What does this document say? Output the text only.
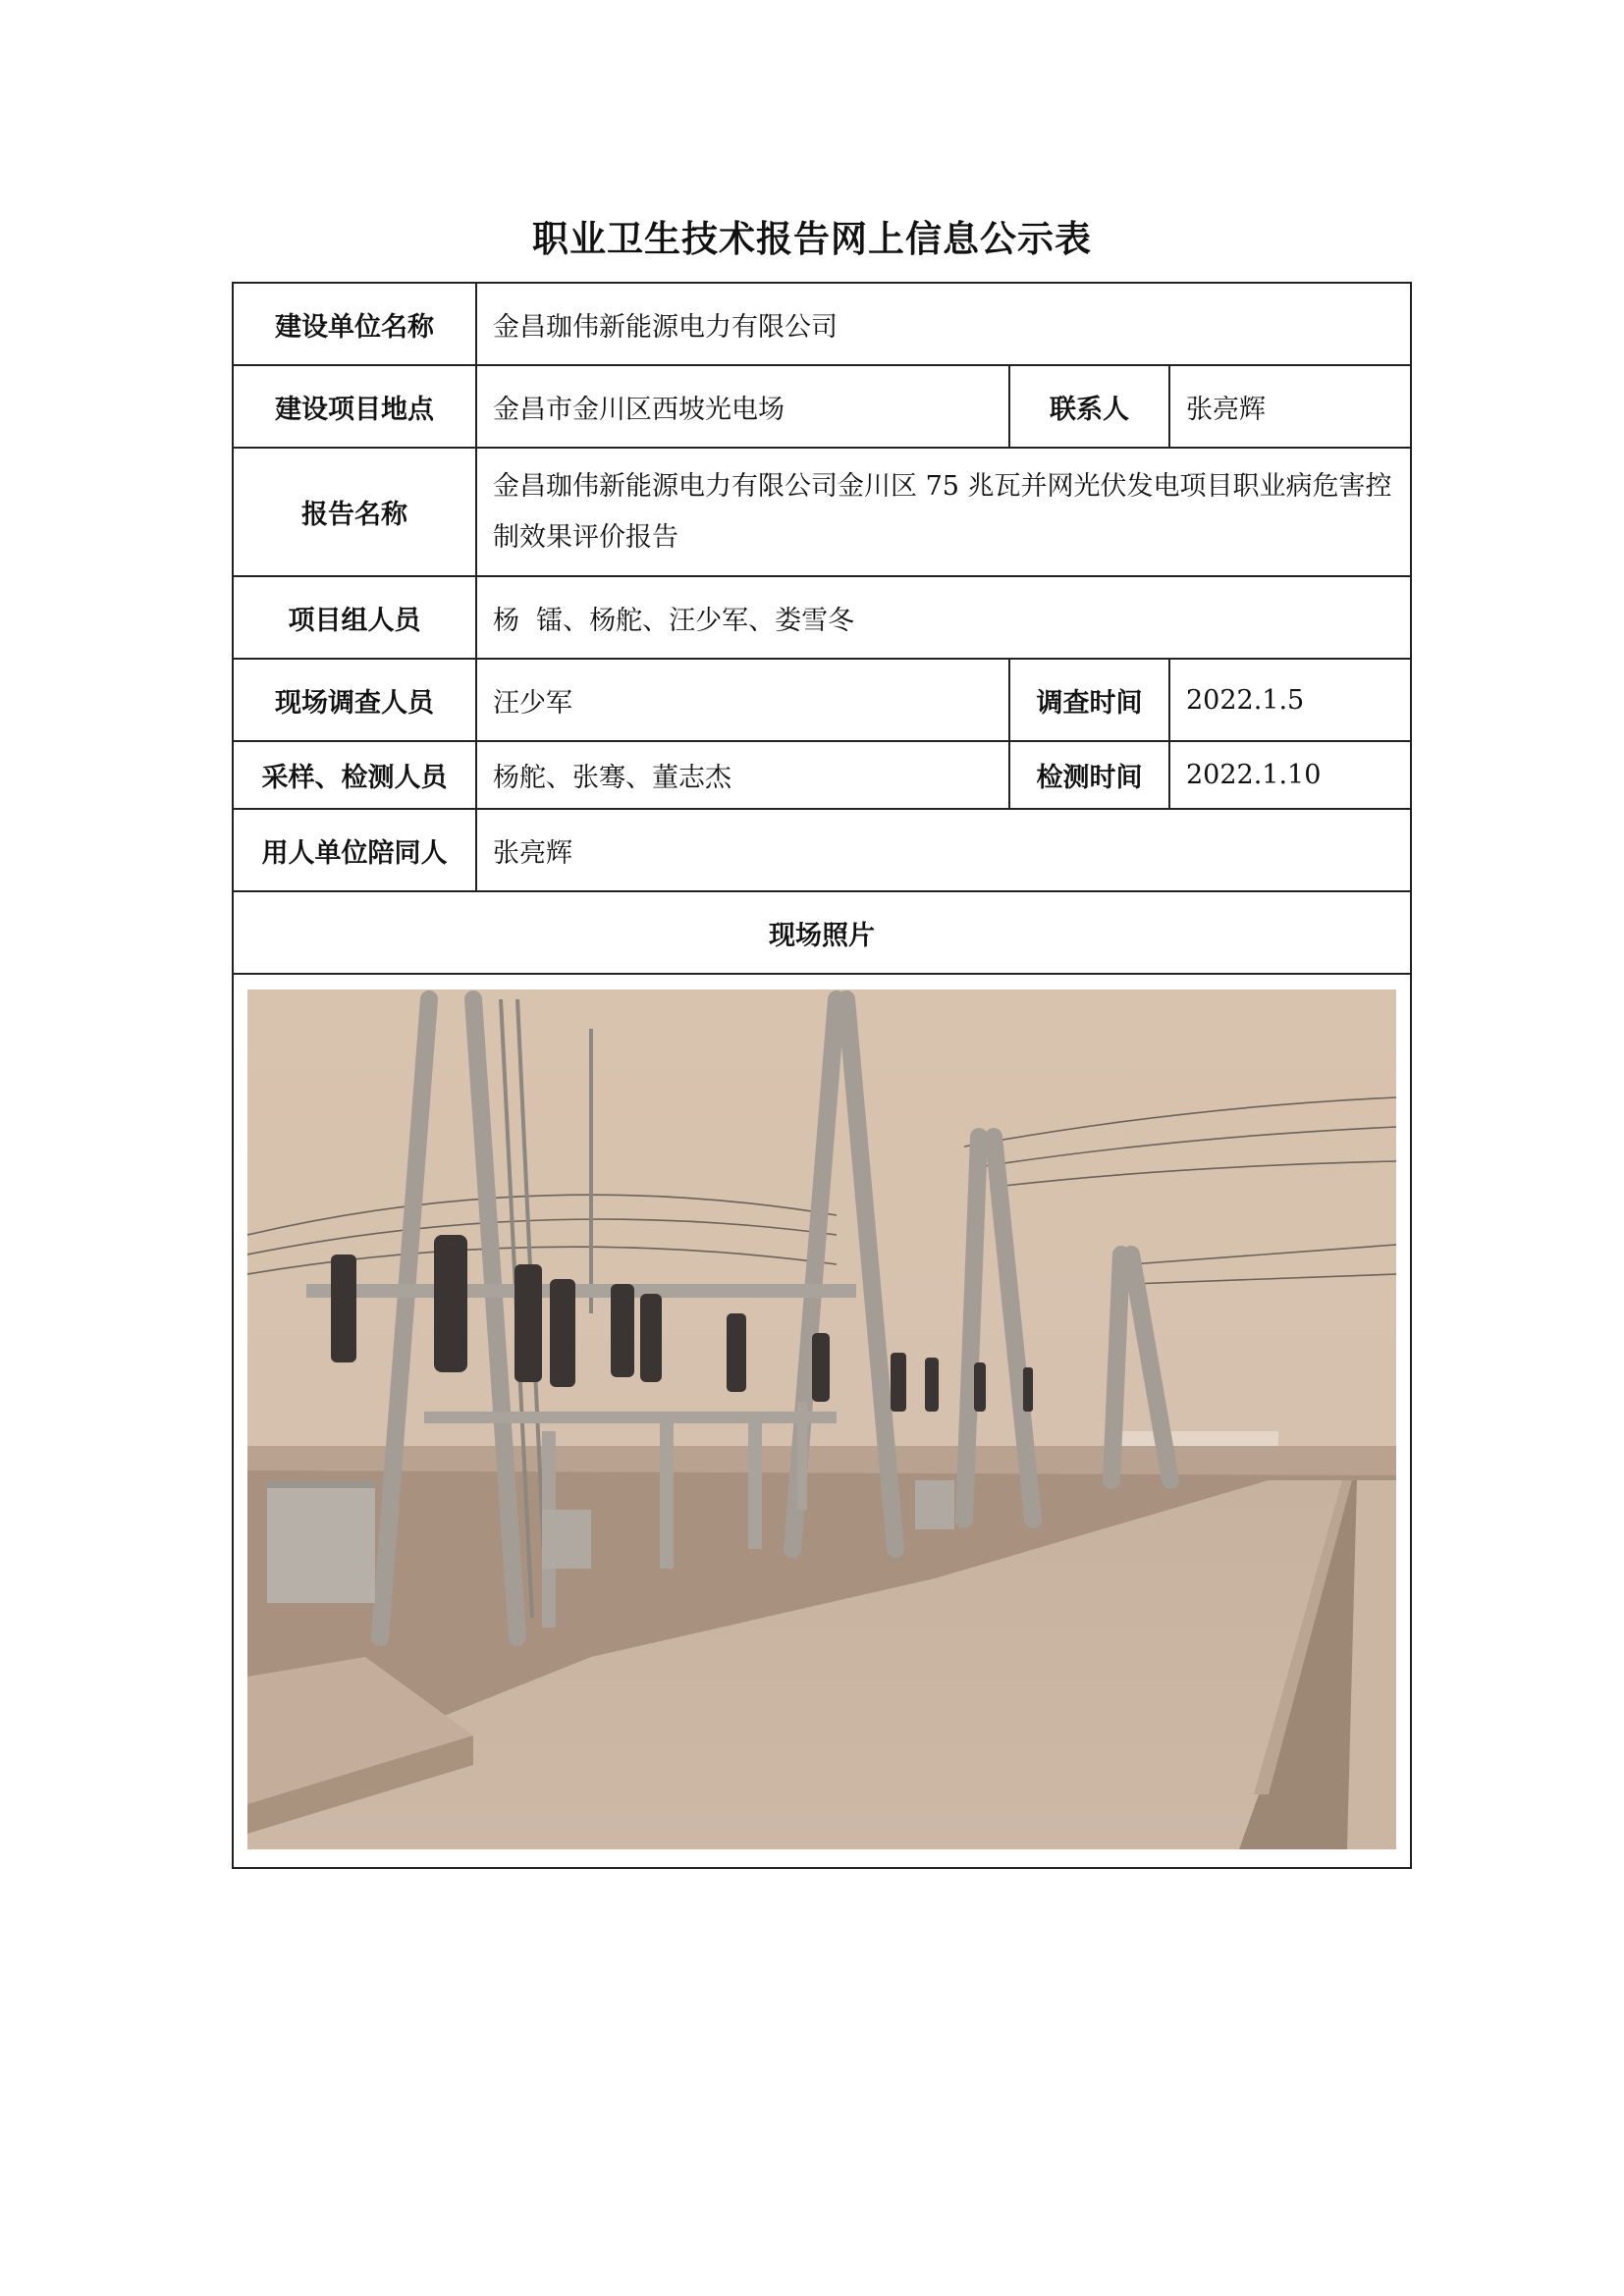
职业卫生技术报告网上信息公示表
建设单位名称	金昌珈伟新能源电力有限公司		
建设项目地点	金昌市金川区西坡光电场	联系人	张亮辉
报告名称	金昌珈伟新能源电力有限公司金川区 75 兆瓦并网光伏发电项目职业病危害控制效果评价报告		
项目组人员	杨  镭、杨舵、汪少军、娄雪冬		
现场调查人员	汪少军	调查时间	2022.1.5
采样、检测人员	杨舵、张骞、董志杰	检测时间	2022.1.10
用人单位陪同人	张亮辉		
现场照片			
